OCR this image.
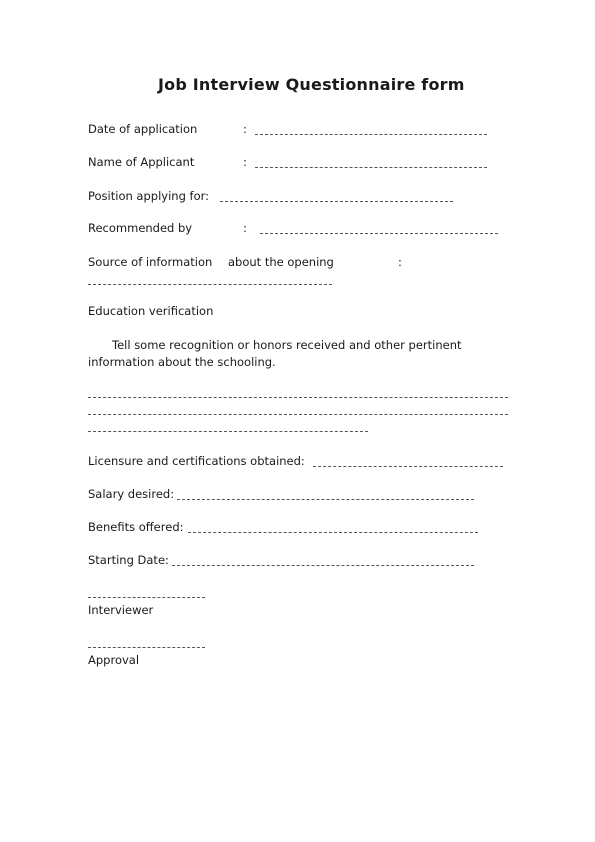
Job Interview Questionnaire form
Date of application	:
Name of Applicant	:
Position applying for:
Recommended by	:
Source of information about the opening	:
Education verification
Tell some recognition or honors received and other pertinent information about the schooling.
Licensure and certifications obtained:
Salary desired:
Benefits offered:
Starting Date:
Interviewer
Approval
